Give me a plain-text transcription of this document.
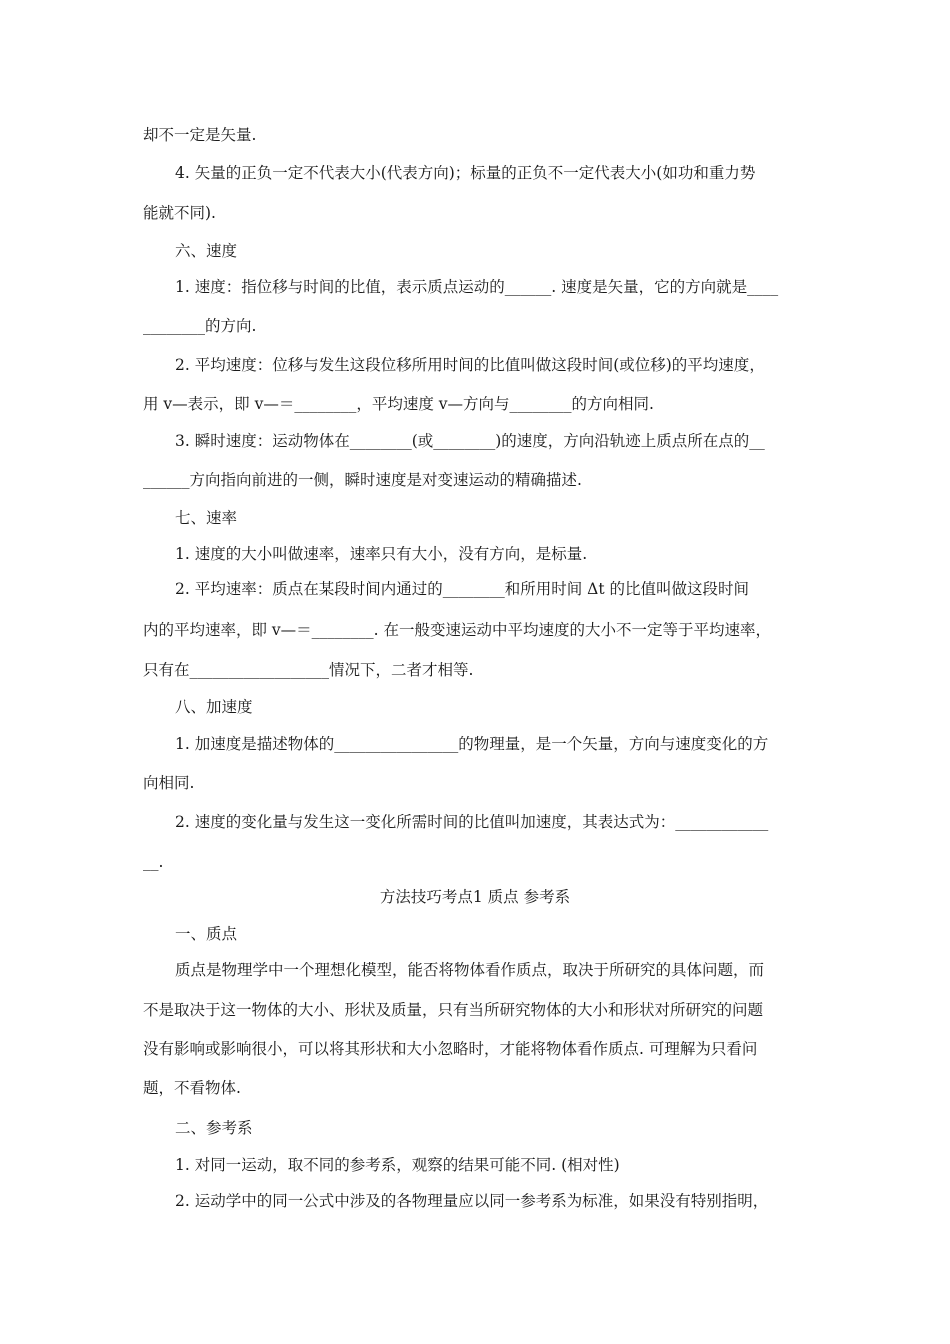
却不一定是矢量.
4. 矢量的正负一定不代表大小(代表方向)；标量的正负不一定代表大小(如功和重力势
能就不同).
六、速度
1. 速度：指位移与时间的比值，表示质点运动的______. 速度是矢量，它的方向就是____
________的方向.
2. 平均速度：位移与发生这段位移所用时间的比值叫做这段时间(或位移)的平均速度，
用 v—表示，即 v—＝________，平均速度 v—方向与________的方向相同.
3. 瞬时速度：运动物体在________(或________)的速度，方向沿轨迹上质点所在点的__
______方向指向前进的一侧，瞬时速度是对变速运动的精确描述.
七、速率
1. 速度的大小叫做速率，速率只有大小，没有方向，是标量.
2. 平均速率：质点在某段时间内通过的________和所用时间 Δt 的比值叫做这段时间
内的平均速率，即 v—＝________. 在一般变速运动中平均速度的大小不一定等于平均速率，
只有在__________________情况下，二者才相等.
八、加速度
1. 加速度是描述物体的________________的物理量，是一个矢量，方向与速度变化的方
向相同.
2. 速度的变化量与发生这一变化所需时间的比值叫加速度，其表达式为：____________
__.
方法技巧考点1 质点 参考系
一、质点
质点是物理学中一个理想化模型，能否将物体看作质点，取决于所研究的具体问题，而
不是取决于这一物体的大小、形状及质量，只有当所研究物体的大小和形状对所研究的问题
没有影响或影响很小，可以将其形状和大小忽略时，才能将物体看作质点. 可理解为只看问
题，不看物体.
二、参考系
1. 对同一运动，取不同的参考系，观察的结果可能不同. (相对性)
2. 运动学中的同一公式中涉及的各物理量应以同一参考系为标准，如果没有特别指明，
